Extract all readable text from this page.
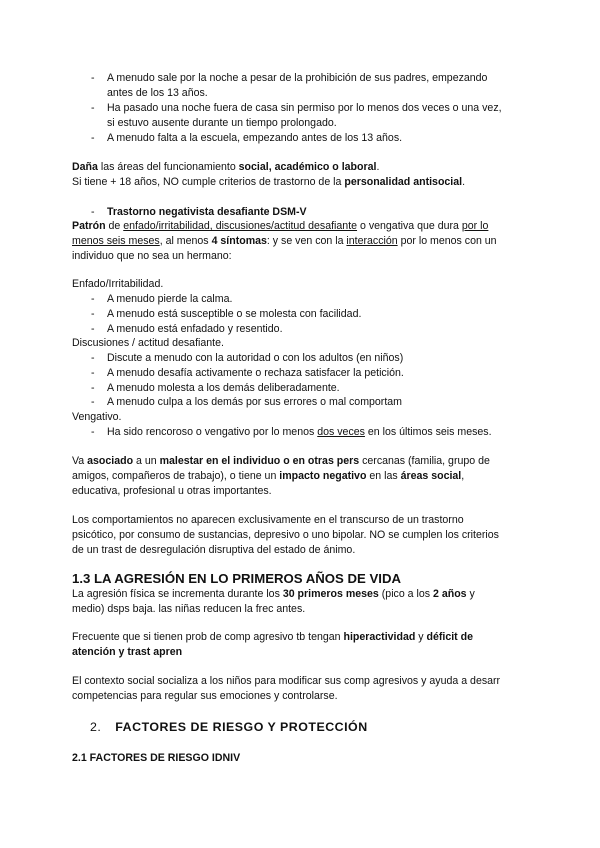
- A menudo sale por la noche a pesar de la prohibición de sus padres, empezando
antes de los 13 años.
- Ha pasado una noche fuera de casa sin permiso por lo menos dos veces o una vez,
si estuvo ausente durante un tiempo prolongado.
- A menudo falta a la escuela, empezando antes de los 13 años.
Daña las áreas del funcionamiento social, académico o laboral.
Si tiene + 18 años, NO cumple criterios de trastorno de la personalidad antisocial.
- Trastorno negativista desafiante DSM-V
Patrón de enfado/irritabilidad, discusiones/actitud desafiante o vengativa que dura por lo
menos seis meses, al menos 4 síntomas: y se ven con la interacción por lo menos con un
individuo que no sea un hermano:
Enfado/Irritabilidad.
- A menudo pierde la calma.
- A menudo está susceptible o se molesta con facilidad.
- A menudo está enfadado y resentido.
Discusiones / actitud desafiante.
- Discute a menudo con la autoridad o con los adultos (en niños)
- A menudo desafía activamente o rechaza satisfacer la petición.
- A menudo molesta a los demás deliberadamente.
- A menudo culpa a los demás por sus errores o mal comportam
Vengativo.
- Ha sido rencoroso o vengativo por lo menos dos veces en los últimos seis meses.
Va asociado a un malestar en el individuo o en otras pers cercanas (familia, grupo de
amigos, compañeros de trabajo), o tiene un impacto negativo en las áreas social,
educativa, profesional u otras importantes.
Los comportamientos no aparecen exclusivamente en el transcurso de un trastorno
psicótico, por consumo de sustancias, depresivo o uno bipolar. NO se cumplen los criterios
de un trast de desregulación disruptiva del estado de ánimo.
1.3 LA AGRESIÓN EN LO PRIMEROS AÑOS DE VIDA
La agresión física se incrementa durante los 30 primeros meses (pico a los 2 años y
medio) dsps baja. las niñas reducen la frec antes.
Frecuente que si tienen prob de comp agresivo tb tengan hiperactividad y déficit de
atención y trast apren
El contexto social socializa a los niños para modificar sus comp agresivos y ayuda a desarr
competencias para regular sus emociones y controlarse.
2. FACTORES DE RIESGO Y PROTECCIÓN
2.1 FACTORES DE RIESGO IDNIV
